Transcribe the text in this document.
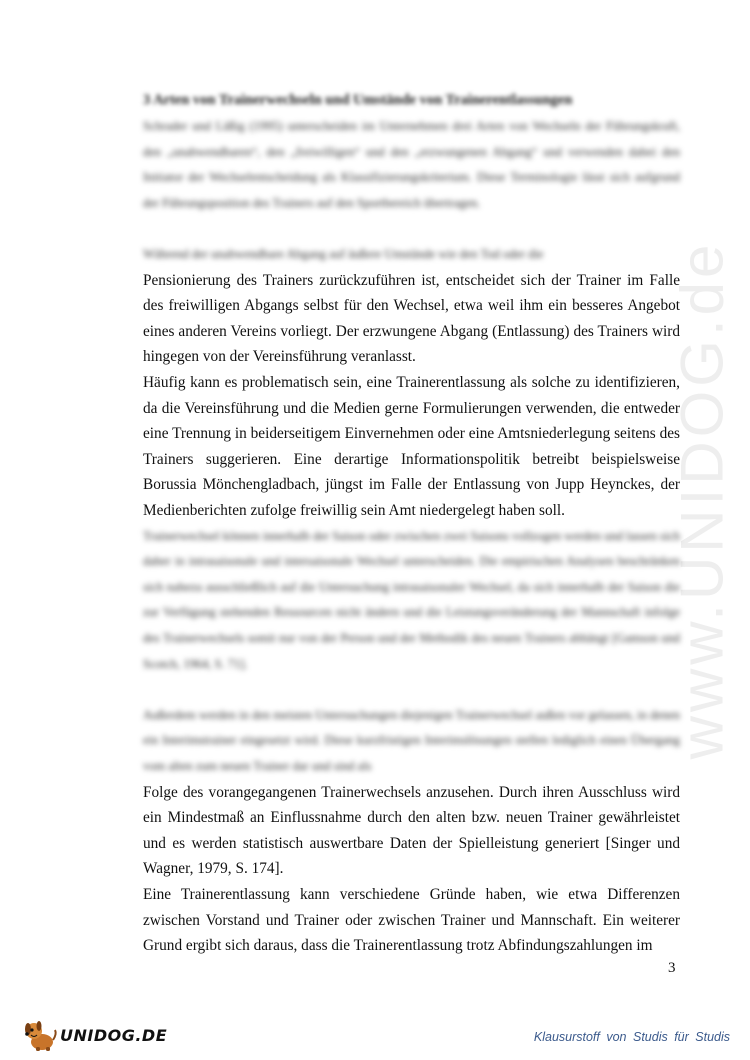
www.UNIDOG.de
3 Arten von Trainerwechseln und Umstände von Trainerentlassungen

Schrader und Läßig (1995) unterscheiden im Unternehmen drei Arten von Wechseln der Führungskraft, den „unabwendbaren“, den „freiwilligen“ und den „erzwungenen Abgang“ und verwenden dabei den Initiator der Wechselentscheidung als Klassifizierungskriterium. Diese Terminologie lässt sich aufgrund der Führungsposition des Trainers auf den Sportbereich übertragen.

Während der unabwendbare Abgang auf äußere Umstände wie den Tod oder die

Pensionierung des Trainers zurückzuführen ist, entscheidet sich der Trainer im Falle des freiwilligen Abgangs selbst für den Wechsel, etwa weil ihm ein besseres Angebot eines anderen Vereins vorliegt. Der erzwungene Abgang (Entlassung) des Trainers wird hingegen von der Vereinsführung veranlasst.

Häufig kann es problematisch sein, eine Trainerentlassung als solche zu identifizieren, da die Vereinsführung und die Medien gerne Formulierungen verwenden, die entweder eine Trennung in beiderseitigem Einvernehmen oder eine Amtsniederlegung seitens des Trainers suggerieren. Eine derartige Informationspolitik betreibt beispielsweise Borussia Mönchengladbach, jüngst im Falle der Entlassung von Jupp Heynckes, der Medienberichten zufolge freiwillig sein Amt niedergelegt haben soll.

Trainerwechsel können innerhalb der Saison oder zwischen zwei Saisons vollzogen werden und lassen sich daher in intrasaisonale und intersaisonale Wechsel unterscheiden. Die empirischen Analysen beschränken sich nahezu ausschließlich auf die Untersuchung intrasaisonaler Wechsel, da sich innerhalb der Saison die zur Verfügung stehenden Ressourcen nicht ändern und die Leistungsveränderung der Mannschaft infolge des Trainerwechsels somit nur von der Person und der Methodik des neuen Trainers abhängt [Gamson und Scotch, 1964, S. 71].

Außerdem werden in den meisten Untersuchungen diejenigen Trainerwechsel außen vor gelassen, in denen ein Interimstrainer eingesetzt wird. Diese kurzfristigen Interimslösungen stellen lediglich einen Übergang vom alten zum neuen Trainer dar und sind als

Folge des vorangegangenen Trainerwechsels anzusehen. Durch ihren Ausschluss wird ein Mindestmaß an Einflussnahme durch den alten bzw. neuen Trainer gewährleistet und es werden statistisch auswertbare Daten der Spielleistung generiert [Singer und Wagner, 1979, S. 174].

Eine Trainerentlassung kann verschiedene Gründe haben, wie etwa Differenzen zwischen Vorstand und Trainer oder zwischen Trainer und Mannschaft. Ein weiterer Grund ergibt sich daraus, dass die Trainerentlassung trotz Abfindungszahlungen im

3
UNIDOG.DE	Klausurstoff von Studis für Studis
